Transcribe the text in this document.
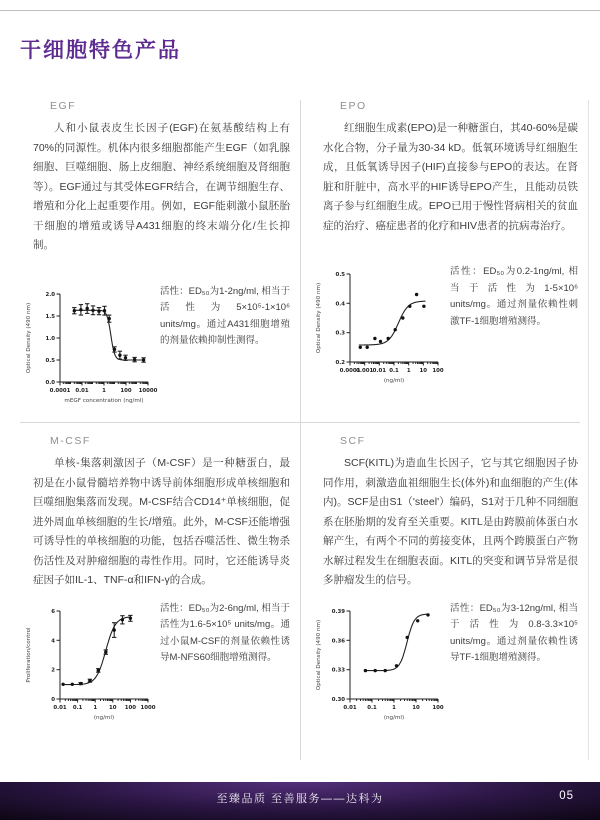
干细胞特色产品
EGF

人和小鼠表皮生长因子(EGF)在氨基酸结构上有70%的同源性。机体内很多细胞都能产生EGF（如乳腺细胞、巨噬细胞、肠上皮细胞、神经系统细胞及肾细胞等）。EGF通过与其受体EGFR结合，在调节细胞生存、增殖和分化上起重要作用。例如，EGF能刺激小鼠胚胎干细胞的增殖或诱导A431细胞的终末端分化/生长抑制。

0.0001 0.01 1	100 10000
0.0
0.5
1.0
1.5
2.0
mEGF concentration (ng/ml)
Optical Density (490 nm)

活性：ED₅₀为1-2ng/ml, 相当于活性为5×10⁵-1×10⁶ units/mg。通过A431细胞增殖的剂量依赖抑制性测得。

EPO

红细胞生成素(EPO)是一种糖蛋白，其40-60%是碳水化合物，分子量为30-34 kD。低氧环境诱导红细胞生成，且低氧诱导因子(HIF)直接参与EPO的表达。在肾脏和肝脏中，高水平的HIF诱导EPO产生，且能动员铁离子参与红细胞生成。EPO已用于慢性肾病相关的贫血症的治疗、癌症患者的化疗和HIV患者的抗病毒治疗。

0.0001
0.001 0.01 0.1 1 10 100
0.2
0.3
0.4
0.5
(ng/ml)
Optical Density (490 nm)

活性：ED₅₀为0.2-1ng/ml, 相当于活性为1-5×10⁶ units/mg。通过剂量依赖性刺激TF-1细胞增殖测得。

M-CSF

单核-集落刺激因子（M-CSF）是一种糖蛋白，最初是在小鼠骨髓培养物中诱导前体细胞形成单核细胞和巨噬细胞集落而发现。M-CSF结合CD14⁺单核细胞，促进外周血单核细胞的生长/增殖。此外，M-CSF还能增强可诱导性的单核细胞的功能，包括吞噬活性、微生物杀伤活性及对肿瘤细胞的毒性作用。同时，它还能诱导炎症因子如IL-1、TNF-α和IFN-γ的合成。

0.01 0.1 1 10 100 1000
0
2
4
6
(ng/ml)
Proliferation/control

活性：ED₅₀为2-6ng/ml, 相当于活性为1.6-5×10⁵ units/mg。通过小鼠M-CSF的剂量依赖性诱导M-NFS60细胞增殖测得。

SCF

SCF(KITL)为造血生长因子，它与其它细胞因子协同作用，刺激造血祖细胞生长(体外)和血细胞的产生(体内)。SCF是由S1（'steel'）编码，S1对于几种不同细胞系在胚胎期的发育至关重要。KITL是由跨膜前体蛋白水解产生，有两个不同的剪接变体，且两个跨膜蛋白产物水解过程发生在细胞表面。KITL的突变和调节异常是很多肿瘤发生的信号。

0.01 0.1	1	10 100
0.30
0.33
0.36
0.39
(ng/ml)
Optical Density (490 nm)

活性：ED₅₀为3-12ng/ml, 相当于活性为0.8-3.3×10⁵ units/mg。通过剂量依赖性诱导TF-1细胞增殖测得。

至臻品质 至善服务——达科为	05
